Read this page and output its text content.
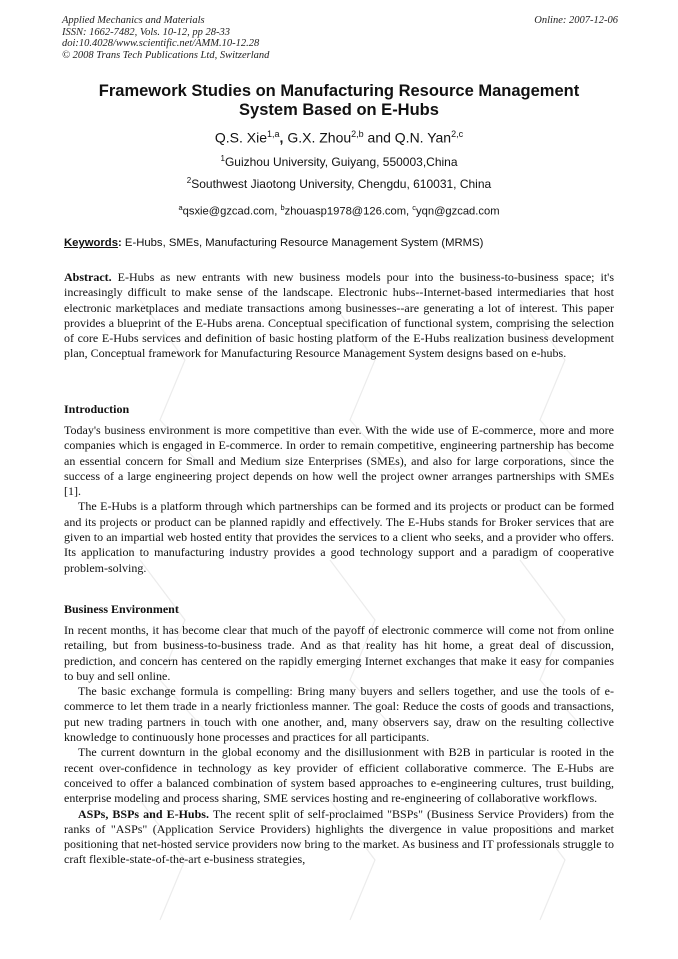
Applied Mechanics and Materials
ISSN: 1662-7482, Vols. 10-12, pp 28-33
doi:10.4028/www.scientific.net/AMM.10-12.28
© 2008 Trans Tech Publications Ltd, Switzerland
Online: 2007-12-06
Framework Studies on Manufacturing Resource Management
System Based on E-Hubs
Q.S. Xie$^{1,a}$, G.X. Zhou$^{2,b}$ and Q.N. Yan$^{2,c}$
$^1$Guizhou University, Guiyang, 550003,China
$^2$Southwest Jiaotong University, Chengdu, 610031, China
$^a$qsxie@gzcad.com, $^b$zhouasp1978@126.com, $^c$yqn@gzcad.com
Keywords: E-Hubs, SMEs, Manufacturing Resource Management System (MRMS)

Abstract. E-Hubs as new entrants with new business models pour into the business-to-business space; it's increasingly difficult to make sense of the landscape. Electronic hubs--Internet-based intermediaries that host electronic marketplaces and mediate transactions among businesses--are generating a lot of interest. This paper provides a blueprint of the E-Hubs arena. Conceptual specification of functional system, comprising the selection of core E-Hubs services and definition of basic hosting platform of the E-Hubs realization business development plan, Conceptual framework for Manufacturing Resource Management System designs based on e-hubs.

Introduction

Today's business environment is more competitive than ever. With the wide use of E-commerce, more and more companies which is engaged in E-commerce. In order to remain competitive, engineering partnership has become an essential concern for Small and Medium size Enterprises (SMEs), and also for large corporations, since the success of a large engineering project depends on how well the project owner arranges partnerships with SMEs [1].

The E-Hubs is a platform through which partnerships can be formed and its projects or product can be formed and its projects or product can be planned rapidly and effectively. The E-Hubs stands for Broker services that are given to an impartial web hosted entity that provides the services to a client who seeks, and a provider who offers. Its application to manufacturing industry provides a good technology support and a paradigm of cooperative problem-solving.

Business Environment

In recent months, it has become clear that much of the payoff of electronic commerce will come not from online retailing, but from business-to-business trade. And as that reality has hit home, a great deal of discussion, prediction, and concern has centered on the rapidly emerging Internet exchanges that make it easy for companies to buy and sell online.

The basic exchange formula is compelling: Bring many buyers and sellers together, and use the tools of e-commerce to let them trade in a nearly frictionless manner. The goal: Reduce the costs of goods and transactions, put new trading partners in touch with one another, and, many observers say, draw on the resulting collective knowledge to continuously hone processes and practices for all participants.

The current downturn in the global economy and the disillusionment with B2B in particular is rooted in the recent over-confidence in technology as key provider of efficient collaborative commerce. The E-Hubs are conceived to offer a balanced combination of system based approaches to e-engineering cultures, trust building, enterprise modeling and process sharing, SME services hosting and re-engineering of collaborative workflows.

ASPs, BSPs and E-Hubs. The recent split of self-proclaimed "BSPs" (Business Service Providers) from the ranks of "ASPs" (Application Service Providers) highlights the divergence in value propositions and market positioning that net-hosted service providers now bring to the market. As business and IT professionals struggle to craft flexible-state-of-the-art e-business strategies,
